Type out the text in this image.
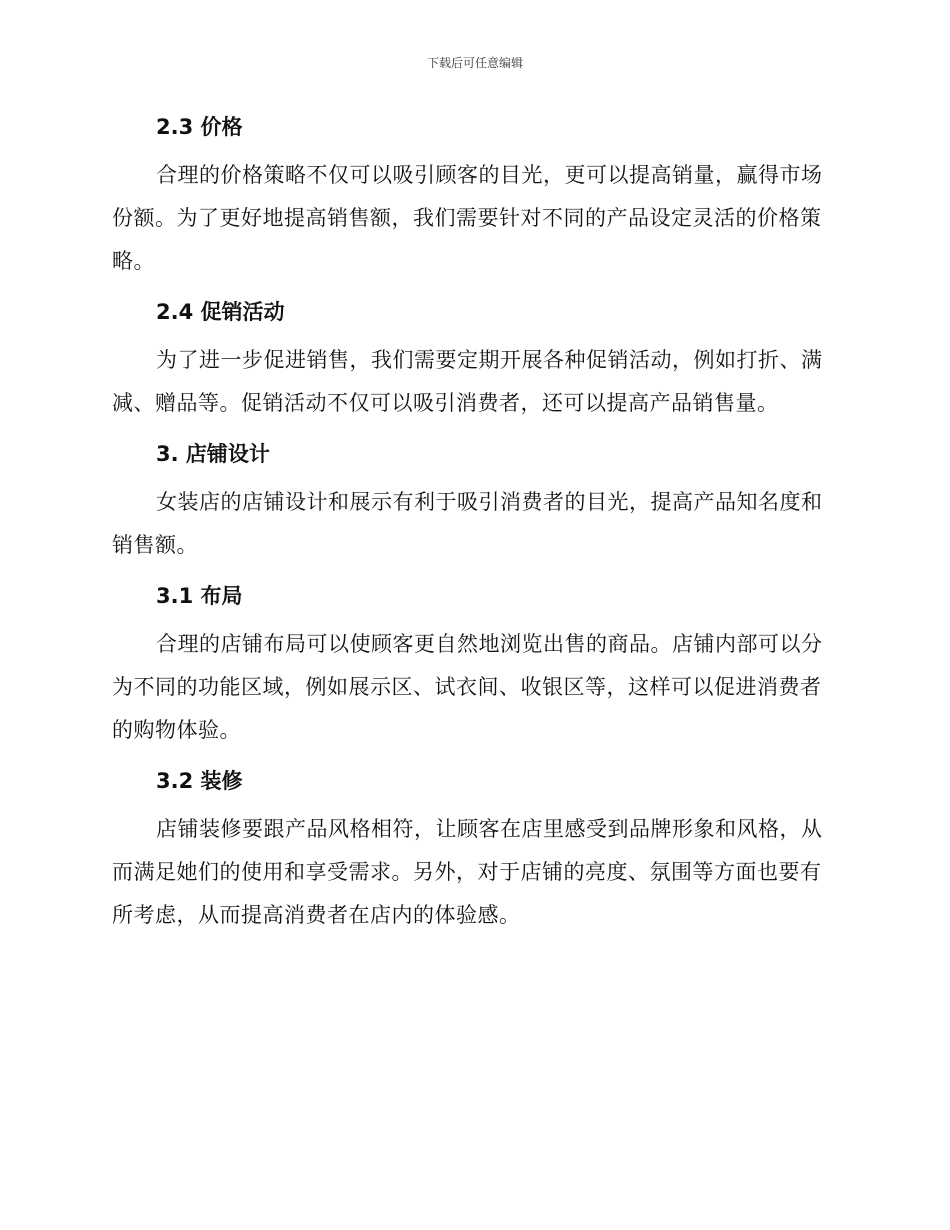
下载后可任意编辑
2.3 价格

合理的价格策略不仅可以吸引顾客的目光，更可以提高销量，赢得市场份额。为了更好地提高销售额，我们需要针对不同的产品设定灵活的价格策略。

2.4 促销活动

为了进一步促进销售，我们需要定期开展各种促销活动，例如打折、满减、赠品等。促销活动不仅可以吸引消费者，还可以提高产品销售量。

3. 店铺设计

女装店的店铺设计和展示有利于吸引消费者的目光，提高产品知名度和销售额。

3.1 布局

合理的店铺布局可以使顾客更自然地浏览出售的商品。店铺内部可以分为不同的功能区域，例如展示区、试衣间、收银区等，这样可以促进消费者的购物体验。

3.2 装修

店铺装修要跟产品风格相符，让顾客在店里感受到品牌形象和风格，从而满足她们的使用和享受需求。另外，对于店铺的亮度、氛围等方面也要有所考虑，从而提高消费者在店内的体验感。
